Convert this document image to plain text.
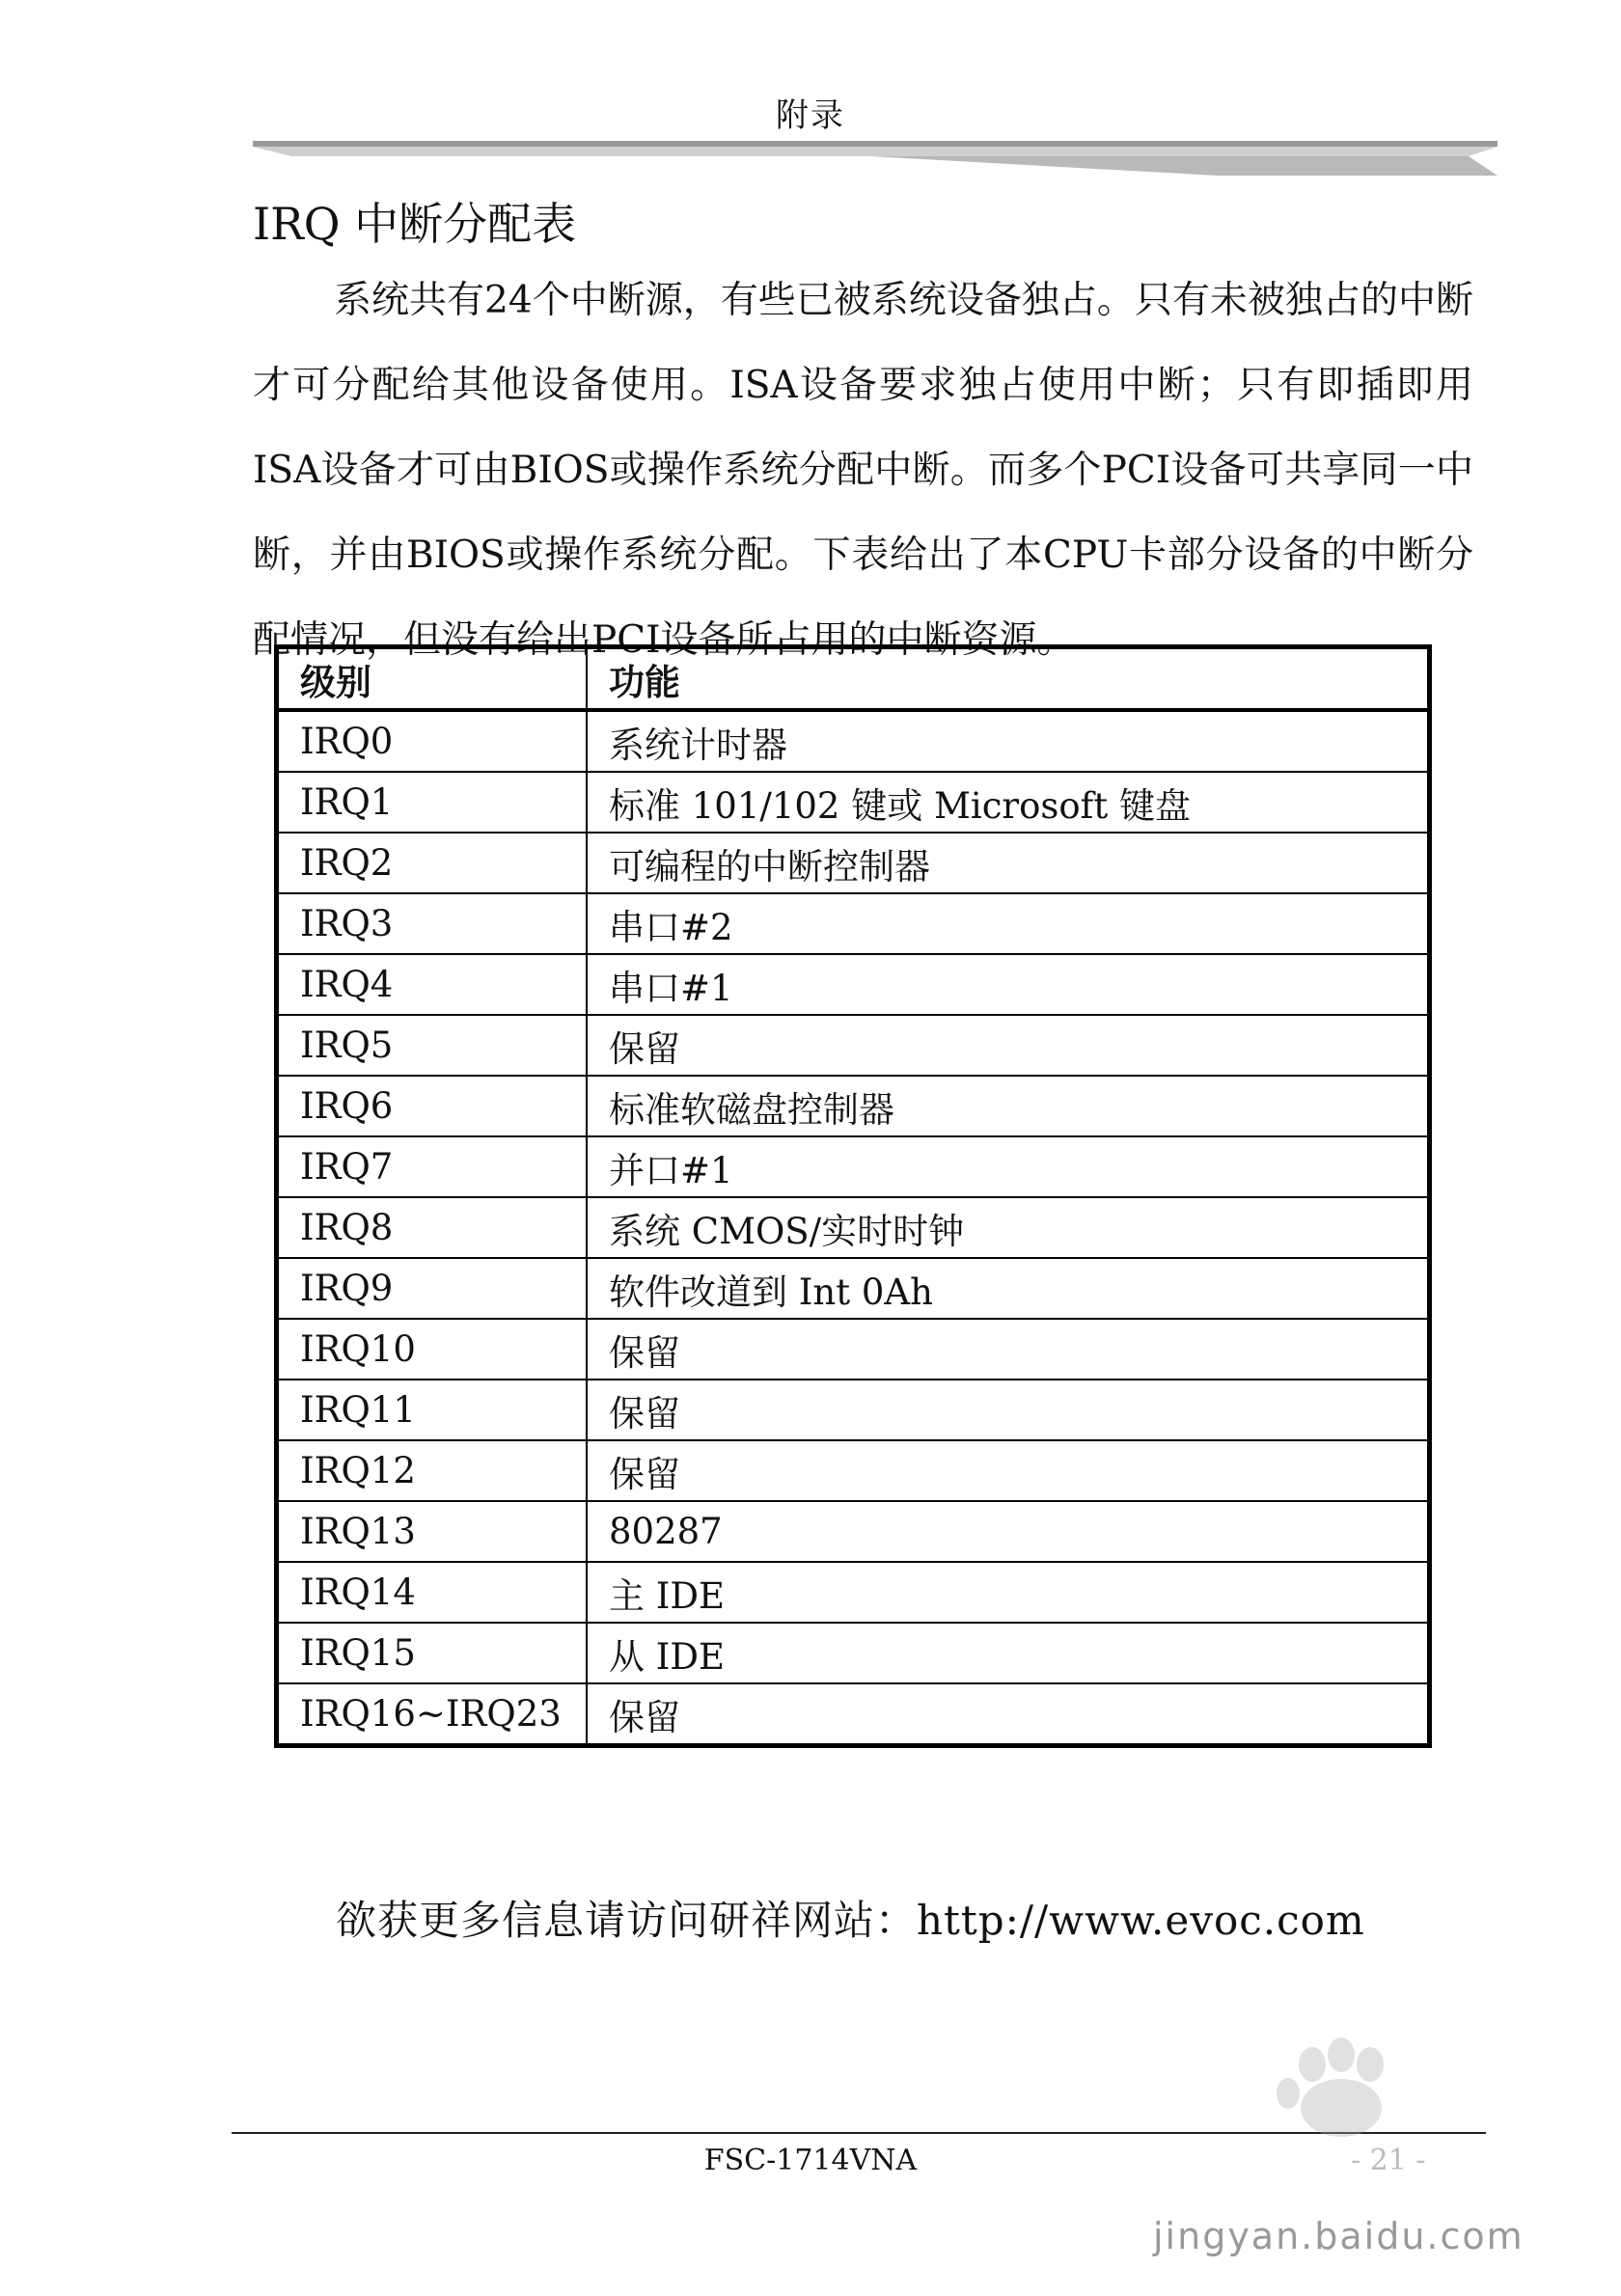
附录
IRQ 中断分配表

系统共有24个中断源，有些已被系统设备独占。只有未被独占的中断才可分配给其他设备使用。ISA设备要求独占使用中断；只有即插即用ISA设备才可由BIOS或操作系统分配中断。而多个PCI设备可共享同一中断，并由BIOS或操作系统分配。下表给出了本CPU卡部分设备的中断分配情况，但没有给出PCI设备所占用的中断资源。

级别	功能
IRQ0	系统计时器
IRQ1	标准 101/102 键或 Microsoft 键盘
IRQ2	可编程的中断控制器
IRQ3	串口#2
IRQ4	串口#1
IRQ5	保留
IRQ6	标准软磁盘控制器
IRQ7	并口#1
IRQ8	系统 CMOS/实时时钟
IRQ9	软件改道到 Int 0Ah
IRQ10	保留
IRQ11	保留
IRQ12	保留
IRQ13	80287
IRQ14	主 IDE
IRQ15	从 IDE
IRQ16~IRQ23	保留
欲获更多信息请访问研祥网站：http://www.evoc.com
FSC-1714VNA	- 21 -
jingyan.baidu.com
